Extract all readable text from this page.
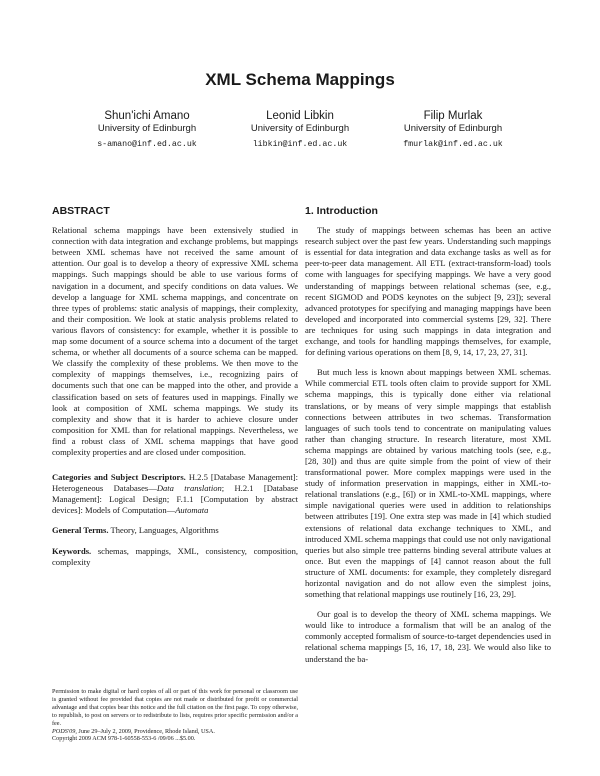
XML Schema Mappings
Shun'ichi Amano
University of Edinburgh
s-amano@inf.ed.ac.uk
Leonid Libkin
University of Edinburgh
libkin@inf.ed.ac.uk
Filip Murlak
University of Edinburgh
fmurlak@inf.ed.ac.uk
ABSTRACT

Relational schema mappings have been extensively studied in connection with data integration and exchange problems, but mappings between XML schemas have not received the same amount of attention. Our goal is to develop a theory of expressive XML schema mappings. Such mappings should be able to use various forms of navigation in a document, and specify conditions on data values. We develop a language for XML schema mappings, and concentrate on three types of problems: static analysis of mappings, their complexity, and their composition. We look at static analysis problems related to various flavors of consistency: for example, whether it is possible to map some document of a source schema into a document of the target schema, or whether all documents of a source schema can be mapped. We classify the complexity of these problems. We then move to the complexity of mappings themselves, i.e., recognizing pairs of documents such that one can be mapped into the other, and provide a classification based on sets of features used in mappings. Finally we look at composition of XML schema mappings. We study its complexity and show that it is harder to achieve closure under composition for XML than for relational mappings. Nevertheless, we find a robust class of XML schema mappings that have good complexity properties and are closed under composition.

Categories and Subject Descriptors. H.2.5 [Database Management]: Heterogeneous Databases—Data translation; H.2.1 [Database Management]: Logical Design; F.1.1 [Computation by abstract devices]: Models of Computation—Automata

General Terms. Theory, Languages, Algorithms

Keywords. schemas, mappings, XML, consistency, composition, complexity

Permission to make digital or hard copies of all or part of this work for personal or classroom use is granted without fee provided that copies are not made or distributed for profit or commercial advantage and that copies bear this notice and the full citation on the first page. To copy otherwise, to republish, to post on servers or to redistribute to lists, requires prior specific permission and/or a fee.

PODS'09, June 29–July 2, 2009, Providence, Rhode Island, USA.

Copyright 2009 ACM 978-1-60558-553-6 /09/06 ...$5.00.

1. Introduction

The study of mappings between schemas has been an active research subject over the past few years. Understanding such mappings is essential for data integration and data exchange tasks as well as for peer-to-peer data management. All ETL (extract-transform-load) tools come with languages for specifying mappings. We have a very good understanding of mappings between relational schemas (see, e.g., recent SIGMOD and PODS keynotes on the subject [9, 23]); several advanced prototypes for specifying and managing mappings have been developed and incorporated into commercial systems [29, 32]. There are techniques for using such mappings in data integration and exchange, and tools for handling mappings themselves, for example, for defining various operations on them [8, 9, 14, 17, 23, 27, 31].

But much less is known about mappings between XML schemas. While commercial ETL tools often claim to provide support for XML schema mappings, this is typically done either via relational translations, or by means of very simple mappings that establish connections between attributes in two schemas. Transformation languages of such tools tend to concentrate on manipulating values rather than changing structure. In research literature, most XML schema mappings are obtained by various matching tools (see, e.g., [28, 30]) and thus are quite simple from the point of view of their transformational power. More complex mappings were used in the study of information preservation in mappings, either in XML-to-relational translations (e.g., [6]) or in XML-to-XML mappings, where simple navigational queries were used in addition to relationships between attributes [19]. One extra step was made in [4] which studied extensions of relational data exchange techniques to XML, and introduced XML schema mappings that could use not only navigational queries but also simple tree patterns binding several attribute values at once. But even the mappings of [4] cannot reason about the full structure of XML documents: for example, they completely disregard horizontal navigation and do not allow even the simplest joins, something that relational mappings use routinely [16, 23, 29].

Our goal is to develop the theory of XML schema mappings. We would like to introduce a formalism that will be an analog of the commonly accepted formalism of source-to-target dependencies used in relational schema mappings [5, 16, 17, 18, 23]. We would also like to understand the ba-
